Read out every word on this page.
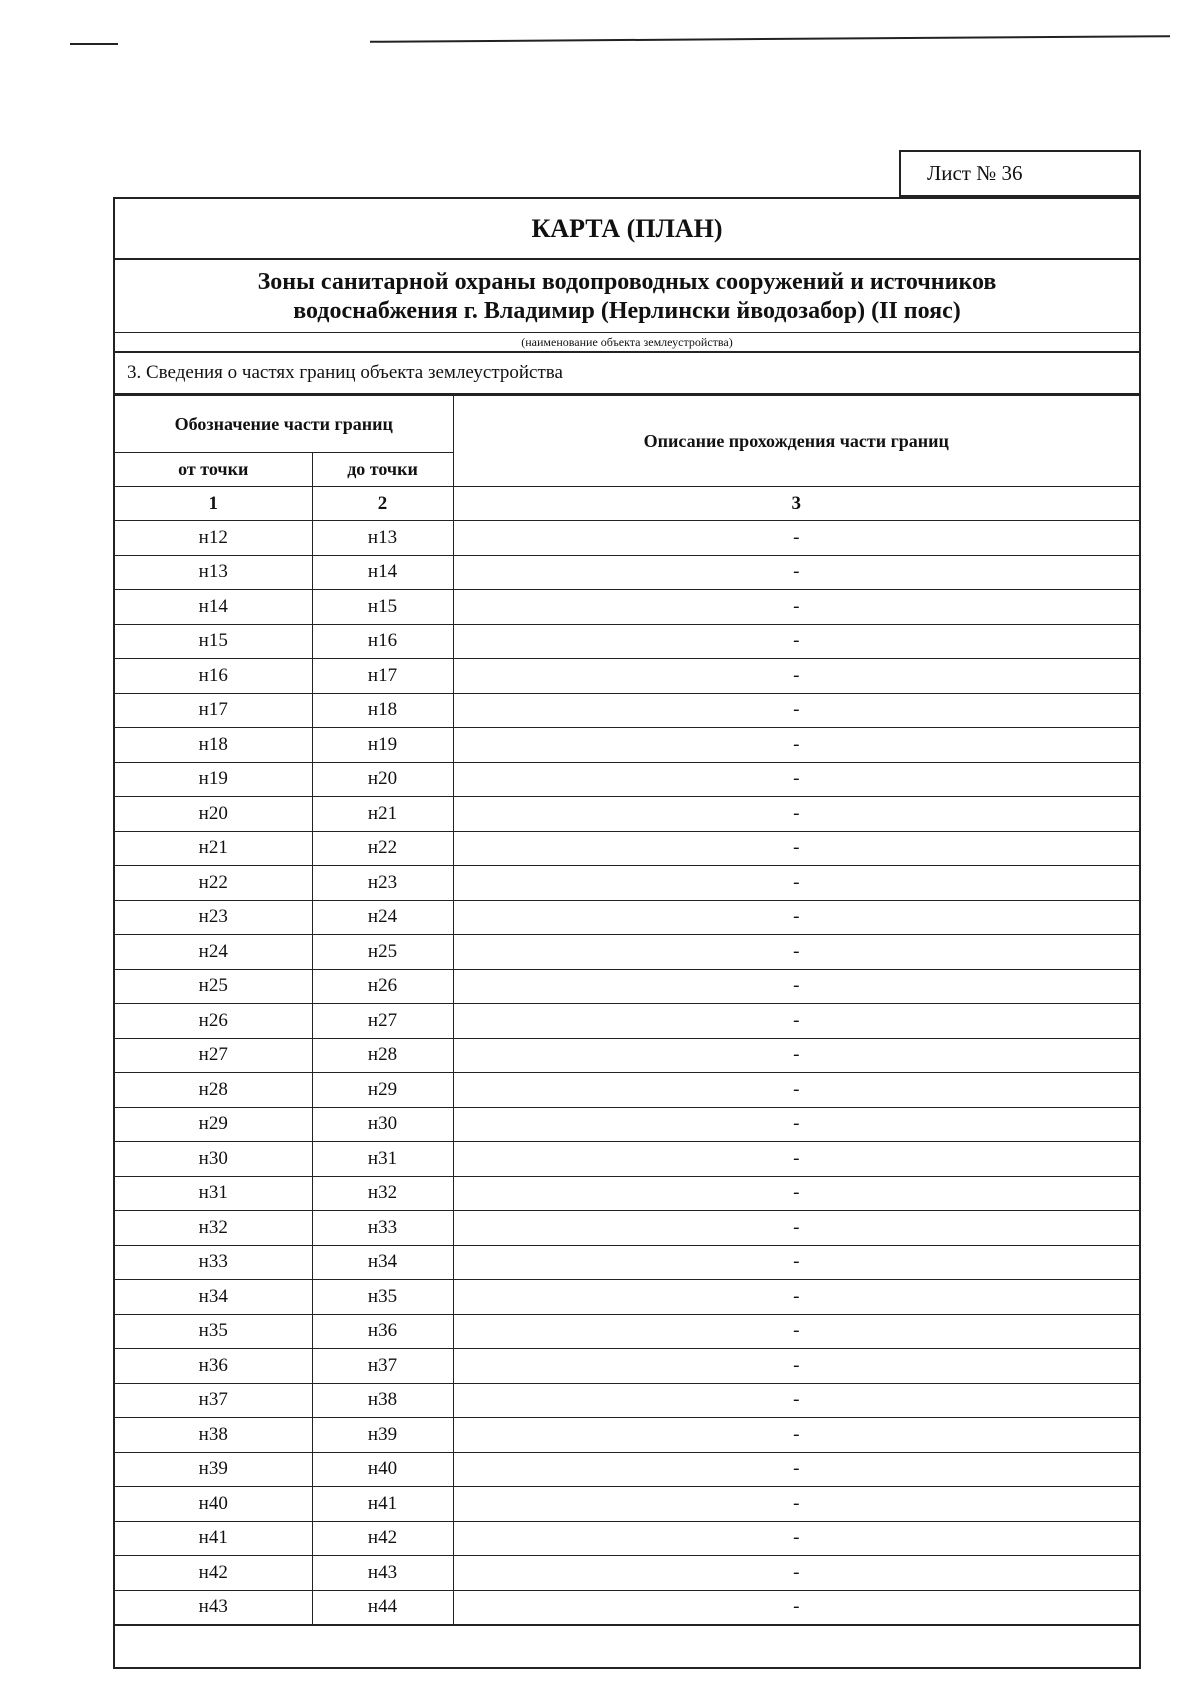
Лист № 36
КАРТА (ПЛАН)
Зоны санитарной охраны водопроводных сооружений и источников
водоснабжения г. Владимир (Нерлински йводозабор) (II пояс)
(наименование объекта землеустройства)
3. Сведения о частях границ объекта землеустройства
Обозначение части границ		Описание прохождения части границ
от точки	до точки	
1	2	3
н12	н13	-
н13	н14	-
н14	н15	-
н15	н16	-
н16	н17	-
н17	н18	-
н18	н19	-
н19	н20	-
н20	н21	-
н21	н22	-
н22	н23	-
н23	н24	-
н24	н25	-
н25	н26	-
н26	н27	-
н27	н28	-
н28	н29	-
н29	н30	-
н30	н31	-
н31	н32	-
н32	н33	-
н33	н34	-
н34	н35	-
н35	н36	-
н36	н37	-
н37	н38	-
н38	н39	-
н39	н40	-
н40	н41	-
н41	н42	-
н42	н43	-
н43	н44	-
